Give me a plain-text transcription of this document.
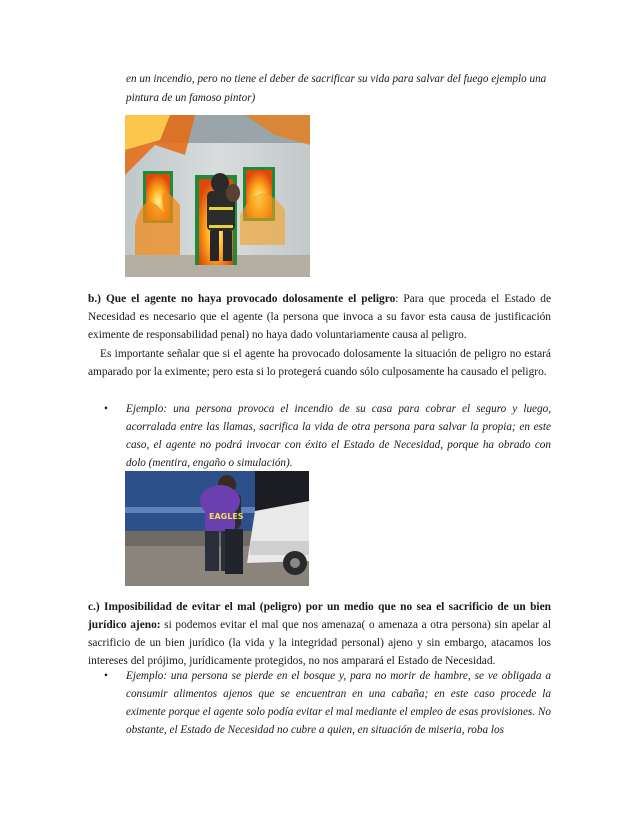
en un incendio, pero no tiene el deber de sacrificar su vida para salvar del fuego ejemplo una pintura de un famoso pintor)

b.) Que el agente no haya provocado dolosamente el peligro: Para que proceda el Estado de Necesidad es necesario que el agente (la persona que invoca a su favor esta causa de justificación eximente de responsabilidad penal) no haya dado voluntariamente causa al peligro.

Es importante señalar que si el agente ha provocado dolosamente la situación de peligro no estará amparado por la eximente; pero esta si lo protegerá cuando sólo culposamente ha causado el peligro.

•	Ejemplo: una persona provoca el incendio de su casa para cobrar el seguro y luego, acorralada entre las llamas, sacrifica la vida de otra persona para salvar la propia; en este caso, el agente no podrá invocar con éxito el Estado de Necesidad, porque ha obrado con dolo (mentira, engaño o simulación).
EAGLES

c.) Imposibilidad de evitar el mal (peligro) por un medio que no sea el sacrificio de un bien jurídico ajeno: si podemos evitar el mal que nos amenaza( o amenaza a otra persona) sin apelar al sacrificio de un bien jurídico (la vida y la integridad personal) ajeno y sin embargo, atacamos los intereses del prójimo, jurídicamente protegidos, no nos amparará el Estado de Necesidad.

•	Ejemplo: una persona se pierde en el bosque y, para no morir de hambre, se ve obligada a consumir alimentos ajenos que se encuentran en una cabaña; en este caso procede la eximente porque el agente solo podía evitar el mal mediante el empleo de esas provisiones. No obstante, el Estado de Necesidad no cubre a quien, en situación de miseria, roba los
